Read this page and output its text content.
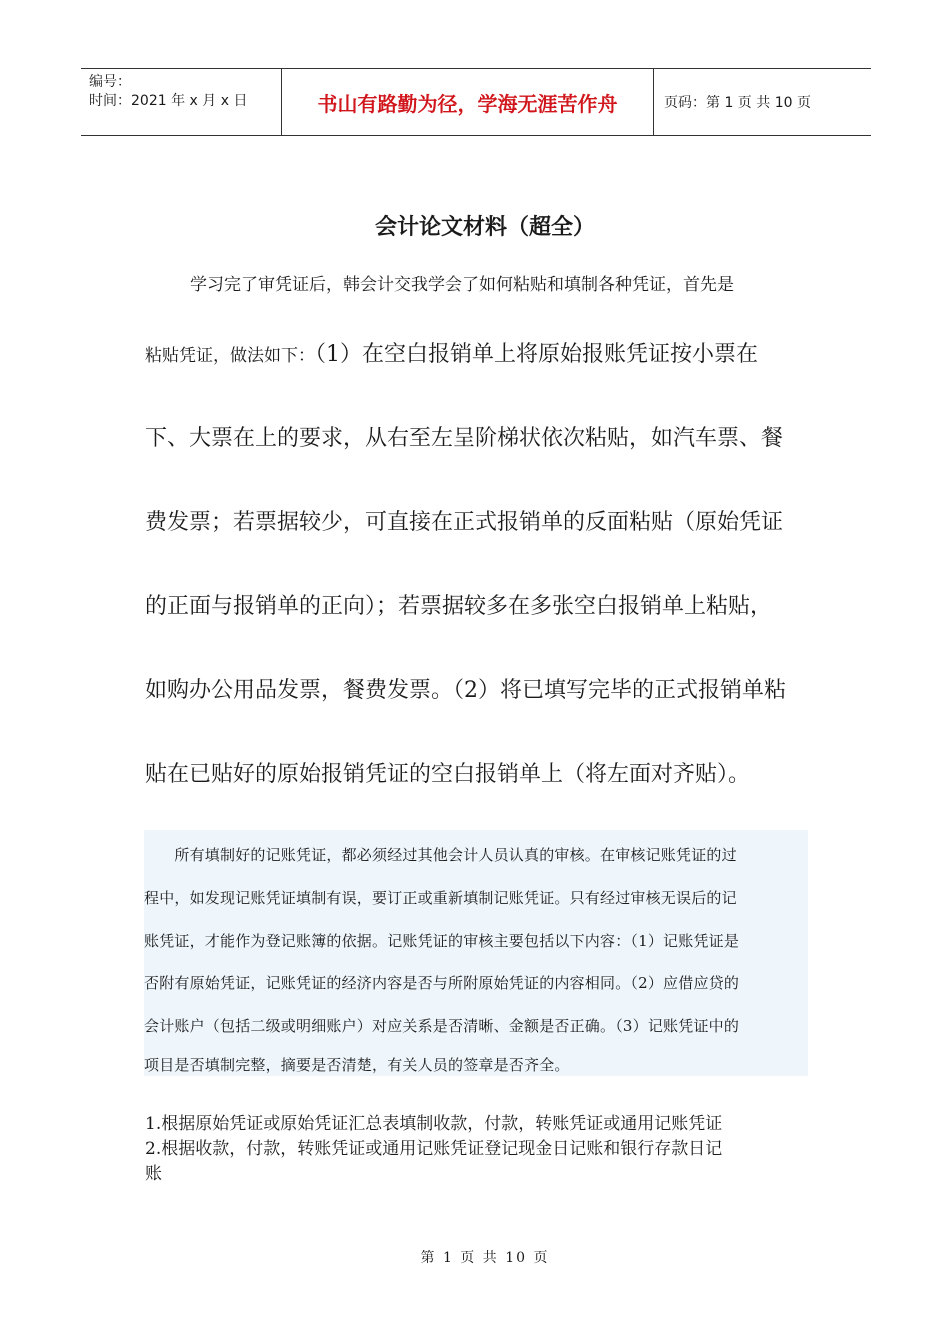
编号：
时间：2021 年 x 月 x 日	书山有路勤为径，学海无涯苦作舟	页码：第 1 页 共 10 页
会计论文材料（超全）
学习完了审凭证后，韩会计交我学会了如何粘贴和填制各种凭证，首先是
粘贴凭证，做法如下：（1）在空白报销单上将原始报账凭证按小票在
下、大票在上的要求，从右至左呈阶梯状依次粘贴，如汽车票、餐
费发票；若票据较少，可直接在正式报销单的反面粘贴（原始凭证
的正面与报销单的正向）；若票据较多在多张空白报销单上粘贴，
如购办公用品发票，餐费发票。（2）将已填写完毕的正式报销单粘
贴在已贴好的原始报销凭证的空白报销单上（将左面对齐贴）。
　　所有填制好的记账凭证，都必须经过其他会计人员认真的审核。在审核记账凭证的过
程中，如发现记账凭证填制有误，要订正或重新填制记账凭证。只有经过审核无误后的记
账凭证，才能作为登记账簿的依据。记账凭证的审核主要包括以下内容：（1）记账凭证是
否附有原始凭证，记账凭证的经济内容是否与所附原始凭证的内容相同。（2）应借应贷的
会计账户（包括二级或明细账户）对应关系是否清晰、金额是否正确。（3）记账凭证中的
项目是否填制完整，摘要是否清楚，有关人员的签章是否齐全。
1.根据原始凭证或原始凭证汇总表填制收款，付款，转账凭证或通用记账凭证
2.根据收款，付款，转账凭证或通用记账凭证登记现金日记账和银行存款日记
账
第 1 页 共 10 页
